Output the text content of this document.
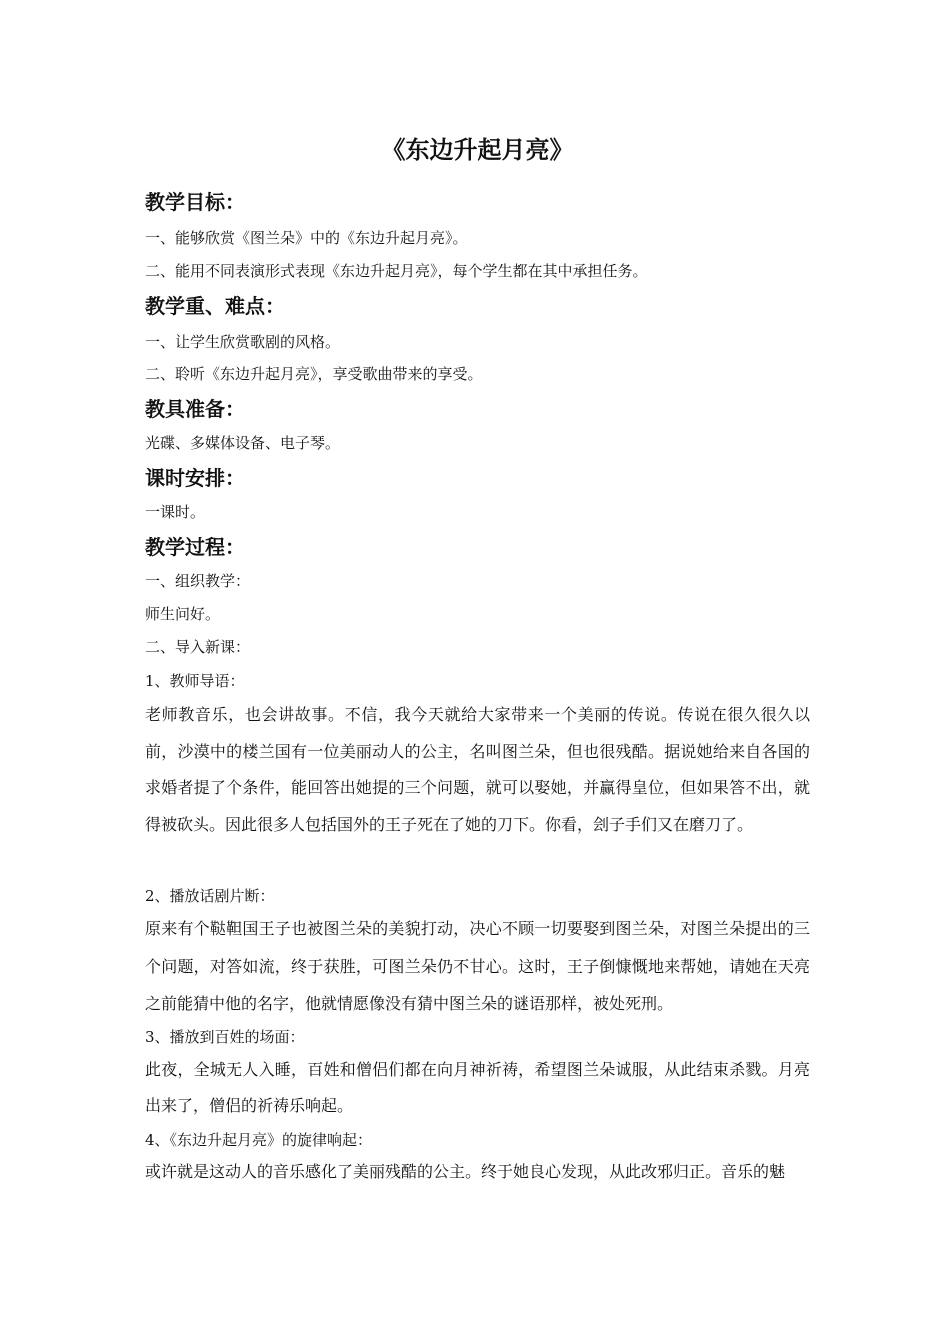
《东边升起月亮》
教学目标：
一、能够欣赏《图兰朵》中的《东边升起月亮》。
二、能用不同表演形式表现《东边升起月亮》，每个学生都在其中承担任务。
教学重、难点：
一、让学生欣赏歌剧的风格。
二、聆听《东边升起月亮》，享受歌曲带来的享受。
教具准备：
光碟、多媒体设备、电子琴。
课时安排：
一课时。
教学过程：
一、组织教学：
师生问好。
二、导入新课：
1、教师导语：
老师教音乐，也会讲故事。不信，我今天就给大家带来一个美丽的传说。传说在很久很久以前，沙漠中的楼兰国有一位美丽动人的公主，名叫图兰朵，但也很残酷。据说她给来自各国的求婚者提了个条件，能回答出她提的三个问题，就可以娶她，并赢得皇位，但如果答不出，就得被砍头。因此很多人包括国外的王子死在了她的刀下。你看，刽子手们又在磨刀了。
2、播放话剧片断：
原来有个鞑靼国王子也被图兰朵的美貌打动，决心不顾一切要娶到图兰朵，对图兰朵提出的三个问题，对答如流，终于获胜，可图兰朵仍不甘心。这时，王子倒慷慨地来帮她，请她在天亮之前能猜中他的名字，他就情愿像没有猜中图兰朵的谜语那样，被处死刑。
3、播放到百姓的场面：
此夜，全城无人入睡，百姓和僧侣们都在向月神祈祷，希望图兰朵诚服，从此结束杀戮。月亮出来了，僧侣的祈祷乐响起。
4、《东边升起月亮》的旋律响起：
或许就是这动人的音乐感化了美丽残酷的公主。终于她良心发现，从此改邪归正。音乐的魅
